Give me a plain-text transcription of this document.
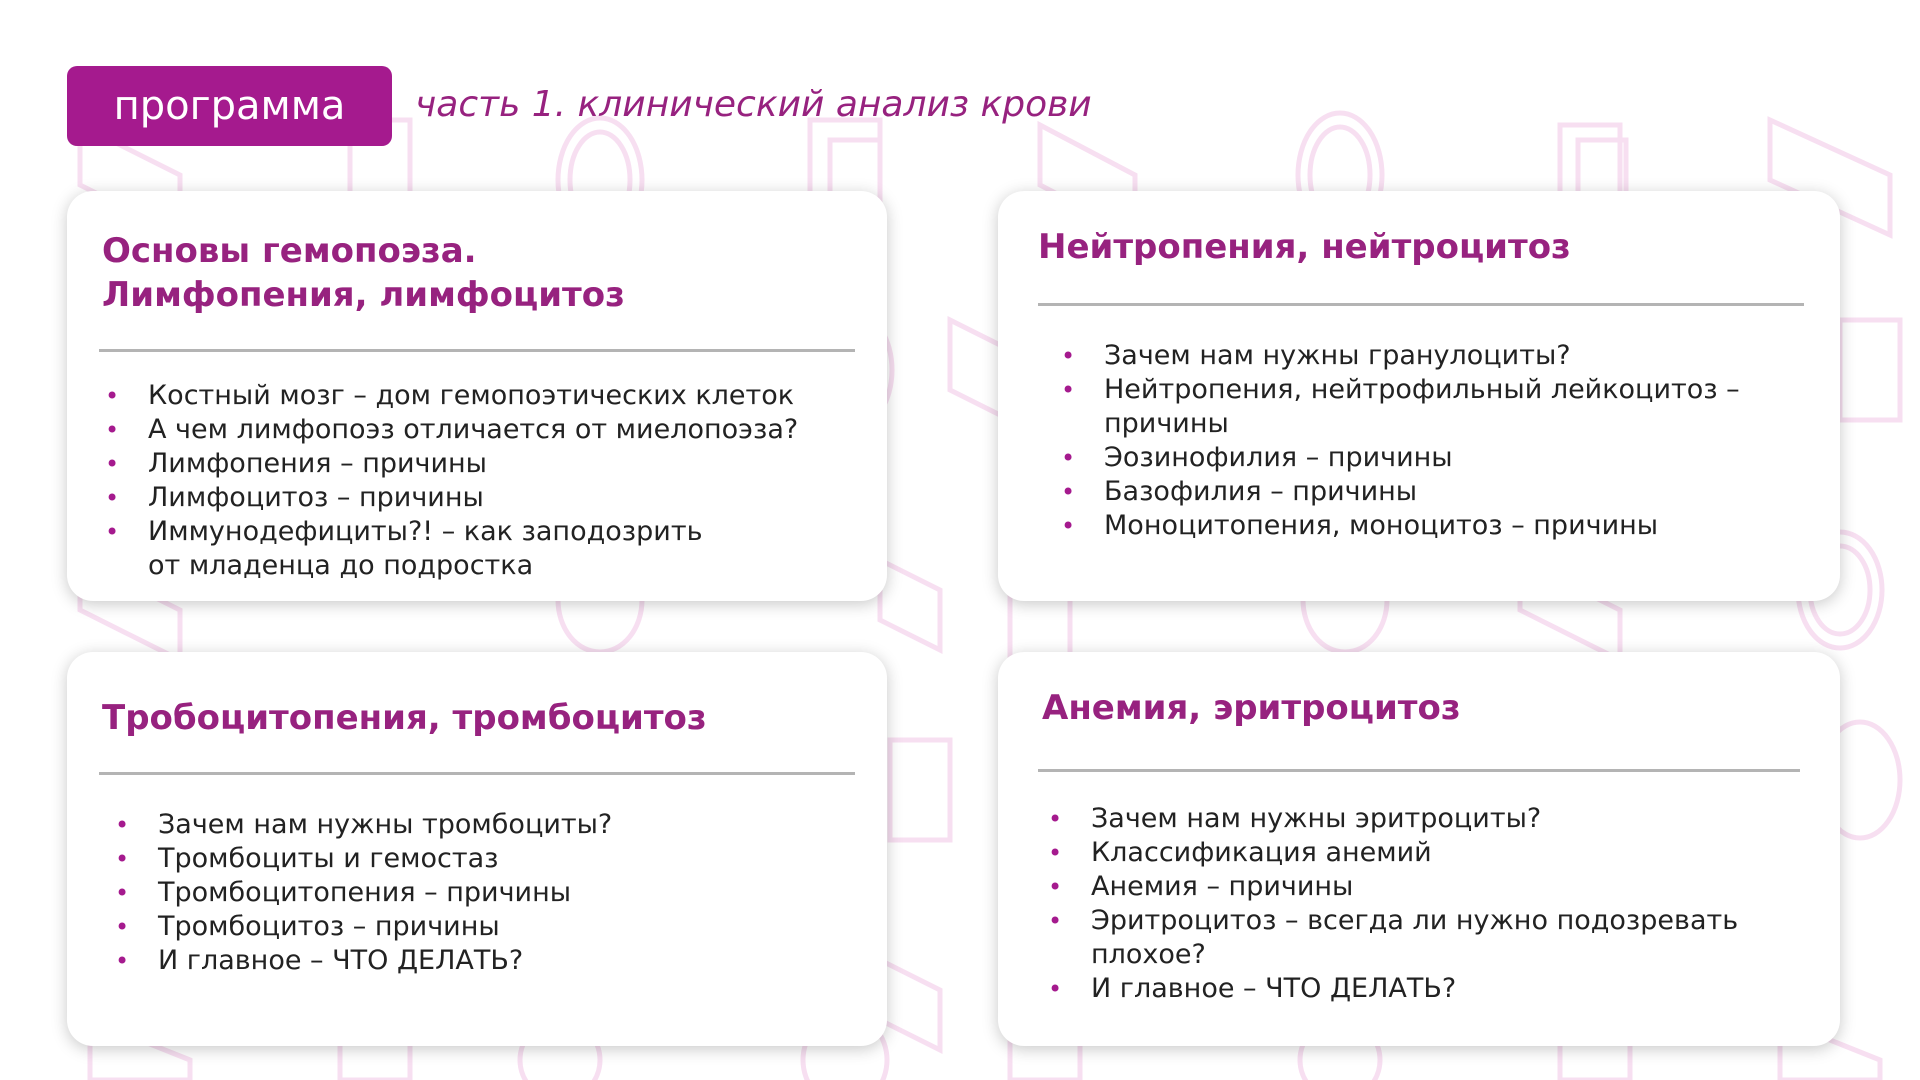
программа	часть 1. клинический анализ крови
Основы гемопоэза.
Лимфопения, лимфоцитоз
• Костный мозг – дом гемопоэтических клеток
• А чем лимфопоэз отличается от миелопоэза?
• Лимфопения – причины
• Лимфоцитоз – причины
• Иммунодефициты?! – как заподозрить
от младенца до подростка
Нейтропения, нейтроцитоз
• Зачем нам нужны гранулоциты?
• Нейтропения, нейтрофильный лейкоцитоз –
причины
• Эозинофилия – причины
• Базофилия – причины
• Моноцитопения, моноцитоз – причины
Тробоцитопения, тромбоцитоз
• Зачем нам нужны тромбоциты?
• Тромбоциты и гемостаз
• Тромбоцитопения – причины
• Тромбоцитоз – причины
• И главное – ЧТО ДЕЛАТЬ?
Анемия, эритроцитоз
• Зачем нам нужны эритроциты?
• Классификация анемий
• Анемия – причины
• Эритроцитоз – всегда ли нужно подозревать
плохое?
• И главное – ЧТО ДЕЛАТЬ?
